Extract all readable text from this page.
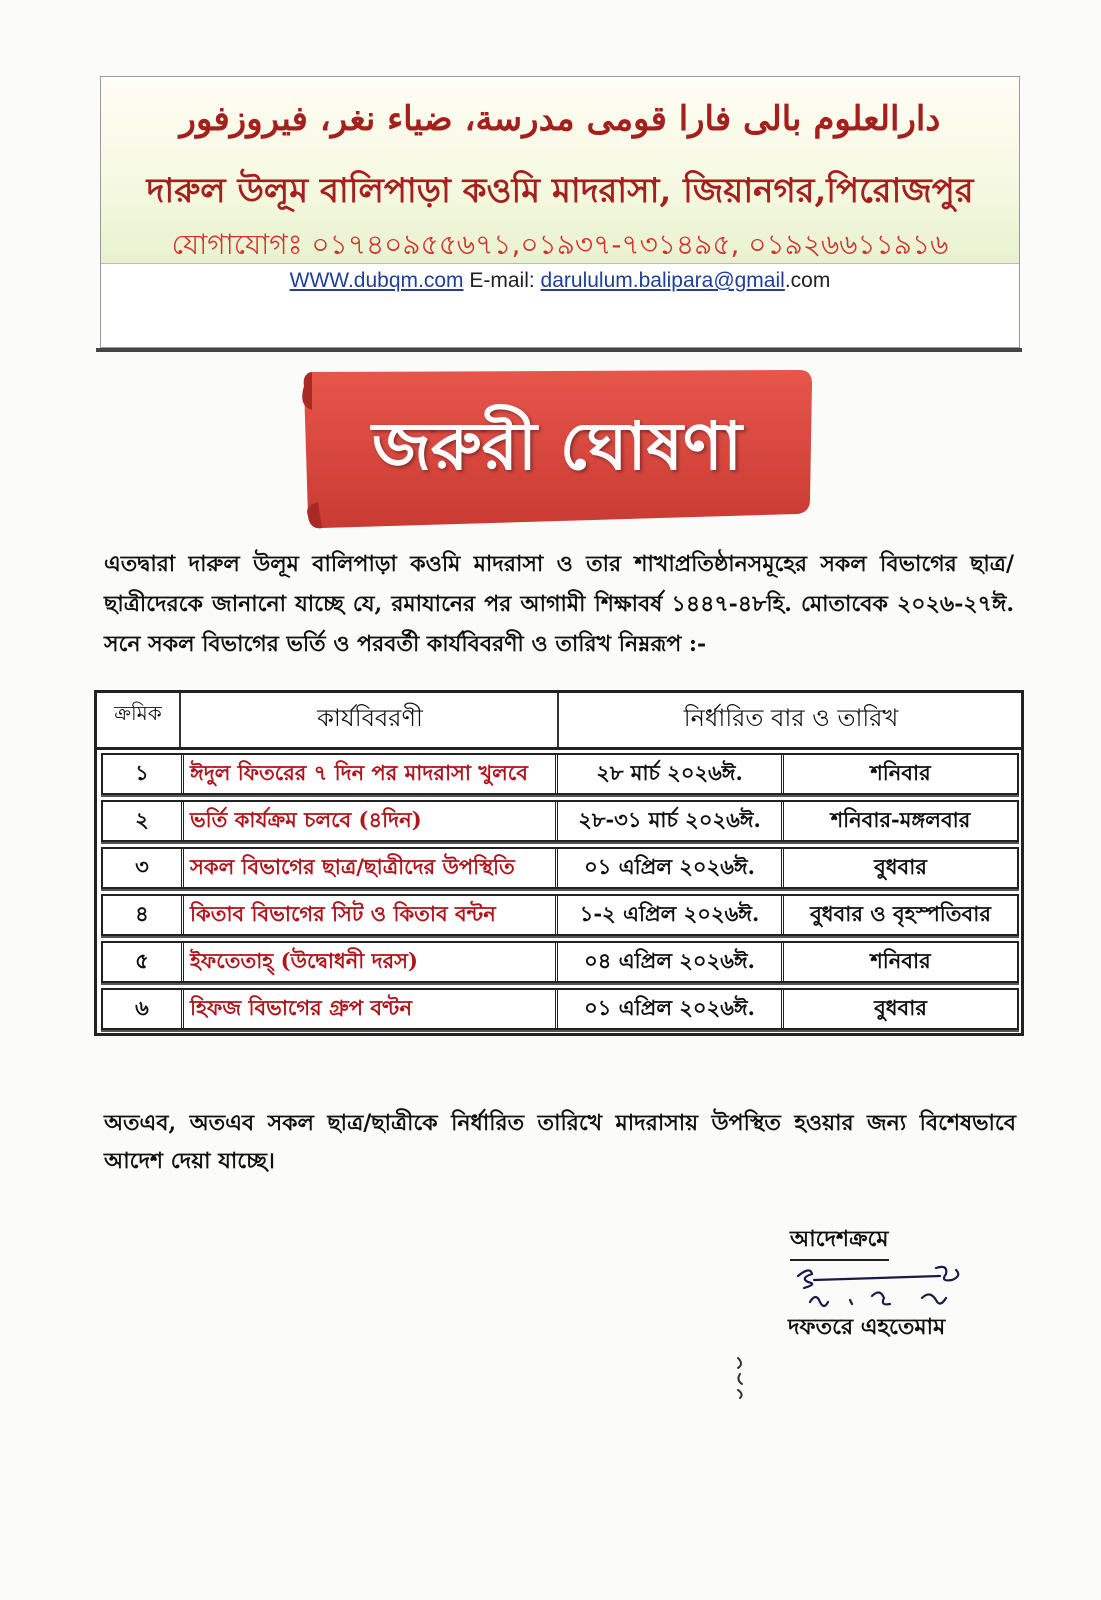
دارالعلوم بالى فارا قومى مدرسة، ضياء نغر، فيروزفور
দারুল উলূম বালিপাড়া কওমি মাদরাসা, জিয়ানগর,পিরোজপুর
যোগাযোগঃ ০১৭৪০৯৫৫৬৭১,০১৯৩৭-৭৩১৪৯৫, ০১৯২৬৬১১৯১৬
WWW.dubqm.com E-mail: darululum.balipara@gmail.com
জরুরী ঘোষণা
এতদ্বারা দারুল উলূম বালিপাড়া কওমি মাদরাসা ও তার শাখাপ্রতিষ্ঠানসমূহের সকল বিভাগের ছাত্র/ছাত্রীদেরকে জানানো যাচ্ছে যে, রমাযানের পর আগামী শিক্ষাবর্ষ ১৪৪৭-৪৮হি. মোতাবেক ২০২৬-২৭ঈ. সনে সকল বিভাগের ভর্তি ও পরবর্তী কার্যবিবরণী ও তারিখ নিম্নরূপ :-
ক্রমিক	কার্যবিবরণী	নির্ধারিত বার ও তারিখ
১	ঈদুল ফিতরের ৭ দিন পর মাদরাসা খুলবে	২৮ মার্চ ২০২৬ঈ.	শনিবার
২	ভর্তি কার্যক্রম চলবে (৪দিন)	২৮-৩১ মার্চ ২০২৬ঈ.	শনিবার-মঙ্গলবার
৩	সকল বিভাগের ছাত্র/ছাত্রীদের উপস্থিতি	০১ এপ্রিল ২০২৬ঈ.	বুধবার
৪	কিতাব বিভাগের সিট ও কিতাব বন্টন	১-২ এপ্রিল ২০২৬ঈ.	বুধবার ও বৃহস্পতিবার
৫	ইফতেতাহ্ (উদ্বোধনী দরস)	০৪ এপ্রিল ২০২৬ঈ.	শনিবার
৬	হিফজ বিভাগের গ্রুপ বণ্টন	০১ এপ্রিল ২০২৬ঈ.	বুধবার
অতএব, অতএব সকল ছাত্র/ছাত্রীকে নির্ধারিত তারিখে মাদরাসায় উপস্থিত হওয়ার জন্য বিশেষভাবে আদেশ দেয়া যাচ্ছে।
আদেশক্রমে
দফতরে এহতেমাম
